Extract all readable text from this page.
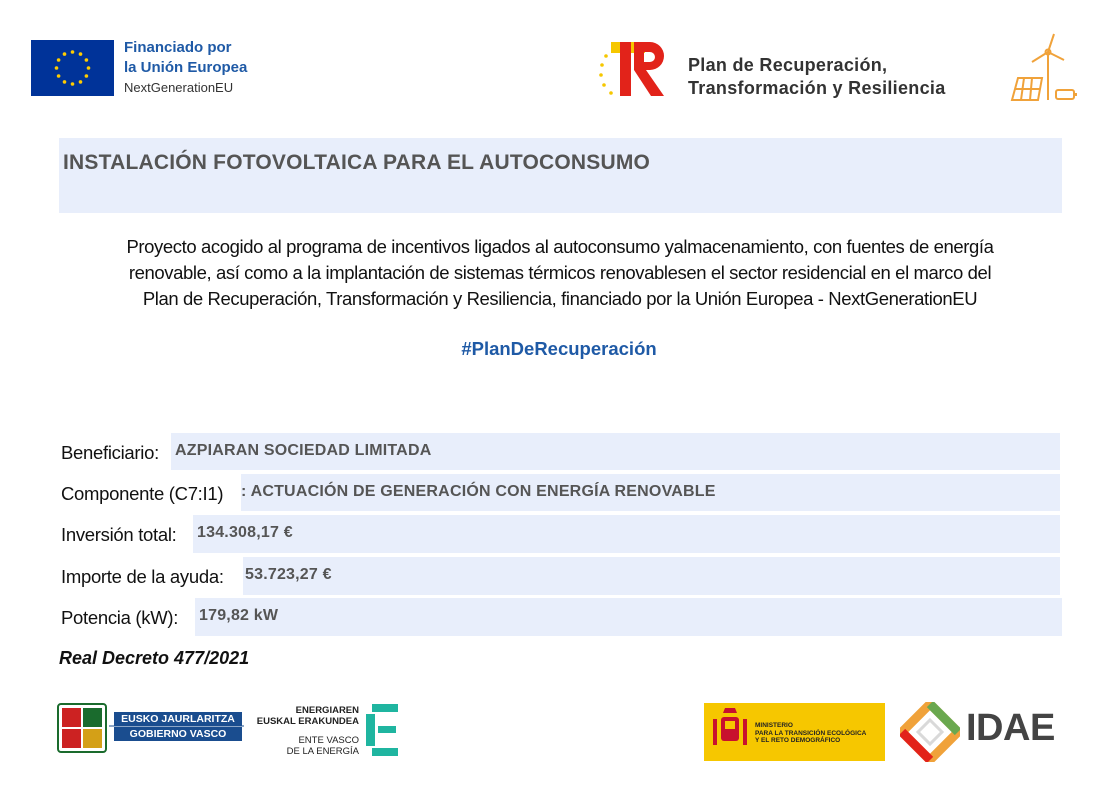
Financiado por
la Unión Europea
NextGenerationEU
Plan de Recuperación,
Transformación y Resiliencia
INSTALACIÓN FOTOVOLTAICA PARA EL AUTOCONSUMO
Proyecto acogido al programa de incentivos ligados al autoconsumo yalmacenamiento, con fuentes de energía
renovable, así como a la implantación de sistemas térmicos renovablesen el sector residencial en el marco del
Plan de Recuperación, Transformación y Resiliencia, financiado por la Unión Europea - NextGenerationEU
#PlanDeRecuperación
Beneficiario: AZPIARAN SOCIEDAD LIMITADA
Componente (C7:I1) : ACTUACIÓN DE GENERACIÓN CON ENERGÍA RENOVABLE
Inversión total: 134.308,17 €
Importe de la ayuda: 53.723,27 €
Potencia (kW): 179,82 kW
Real Decreto 477/2021
EUSKO JAURLARITZA
GOBIERNO VASCO
ENERGIAREN
EUSKAL ERAKUNDEA
ENTE VASCO
DE LA ENERGÍA
MINISTERIO
PARA LA TRANSICIÓN ECOLÓGICA
Y EL RETO DEMOGRÁFICO	IDAE
